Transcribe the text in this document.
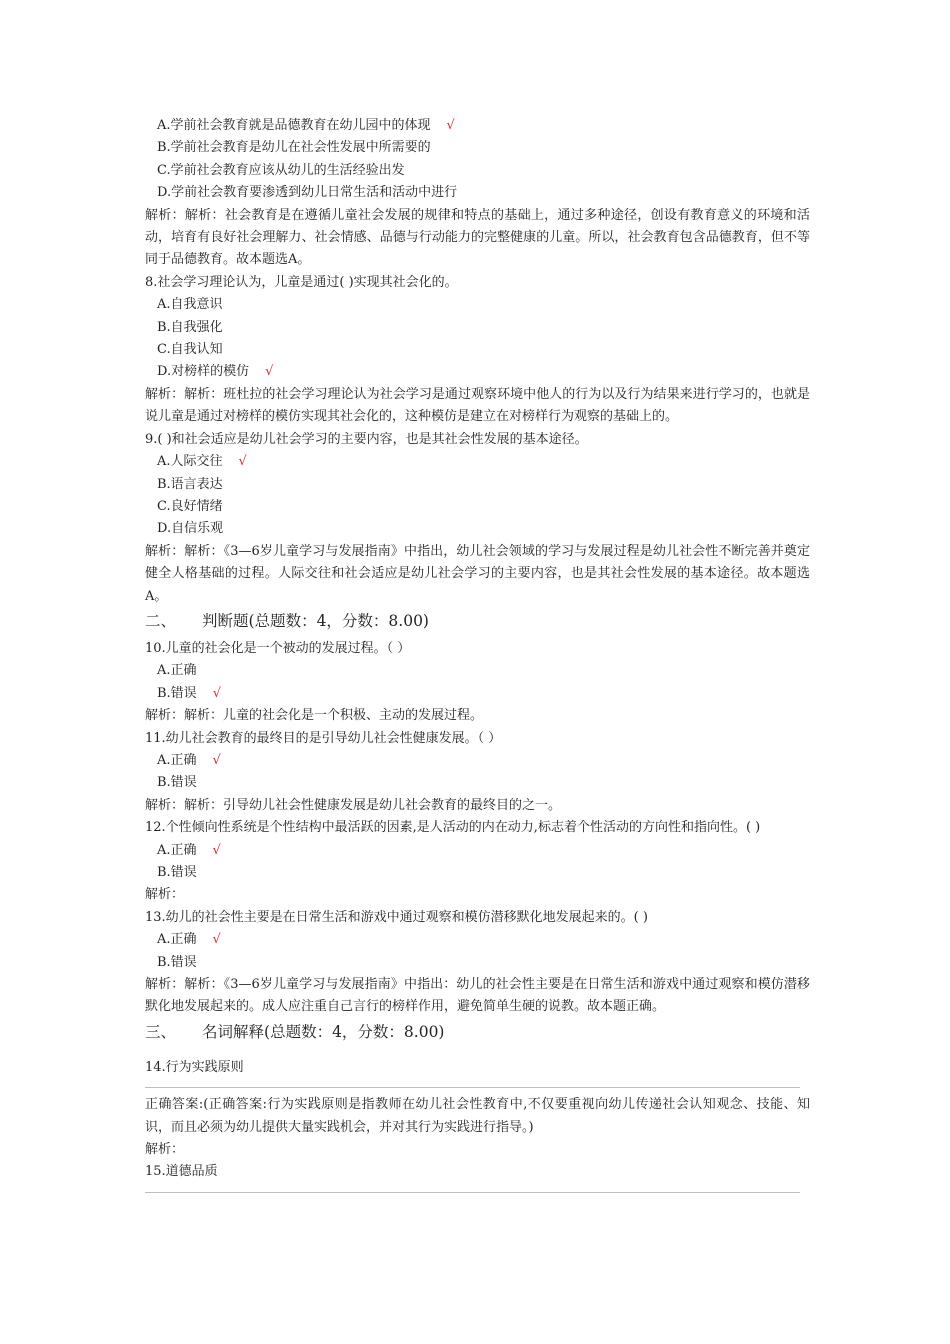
A.学前社会教育就是品德教育在幼儿园中的体现 √
B.学前社会教育是幼儿在社会性发展中所需要的
C.学前社会教育应该从幼儿的生活经验出发
D.学前社会教育要渗透到幼儿日常生活和活动中进行
解析：解析：社会教育是在遵循儿童社会发展的规律和特点的基础上，通过多种途径，创设有教育意义的环境和活动，培育有良好社会理解力、社会情感、品德与行动能力的完整健康的儿童。所以，社会教育包含品德教育，但不等同于品德教育。故本题选A。
8.社会学习理论认为，儿童是通过( )实现其社会化的。
A.自我意识
B.自我强化
C.自我认知
D.对榜样的模仿 √
解析：解析：班杜拉的社会学习理论认为社会学习是通过观察环境中他人的行为以及行为结果来进行学习的，也就是说儿童是通过对榜样的模仿实现其社会化的，这种模仿是建立在对榜样行为观察的基础上的。
9.( )和社会适应是幼儿社会学习的主要内容，也是其社会性发展的基本途径。
A.人际交往 √
B.语言表达
C.良好情绪
D.自信乐观
解析：解析：《3—6岁儿童学习与发展指南》中指出，幼儿社会领域的学习与发展过程是幼儿社会性不断完善并奠定健全人格基础的过程。人际交往和社会适应是幼儿社会学习的主要内容，也是其社会性发展的基本途径。故本题选A。
二、 判断题(总题数：4，分数：8.00)
10.儿童的社会化是一个被动的发展过程。（ ）
A.正确
B.错误 √
解析：解析：儿童的社会化是一个积极、主动的发展过程。
11.幼儿社会教育的最终目的是引导幼儿社会性健康发展。（ ）
A.正确 √
B.错误
解析：解析：引导幼儿社会性健康发展是幼儿社会教育的最终目的之一。
12.个性倾向性系统是个性结构中最活跃的因素,是人活动的内在动力,标志着个性活动的方向性和指向性。( )
A.正确 √
B.错误
解析：
13.幼儿的社会性主要是在日常生活和游戏中通过观察和模仿潜移默化地发展起来的。( )
A.正确 √
B.错误
解析：解析：《3—6岁儿童学习与发展指南》中指出：幼儿的社会性主要是在日常生活和游戏中通过观察和模仿潜移默化地发展起来的。成人应注重自己言行的榜样作用，避免简单生硬的说教。故本题正确。
三、 名词解释(总题数：4，分数：8.00)
14.行为实践原则
正确答案:(正确答案:行为实践原则是指教师在幼儿社会性教育中,不仅要重视向幼儿传递社会认知观念、技能、知识，而且必须为幼儿提供大量实践机会，并对其行为实践进行指导。)
解析：
15.道德品质
